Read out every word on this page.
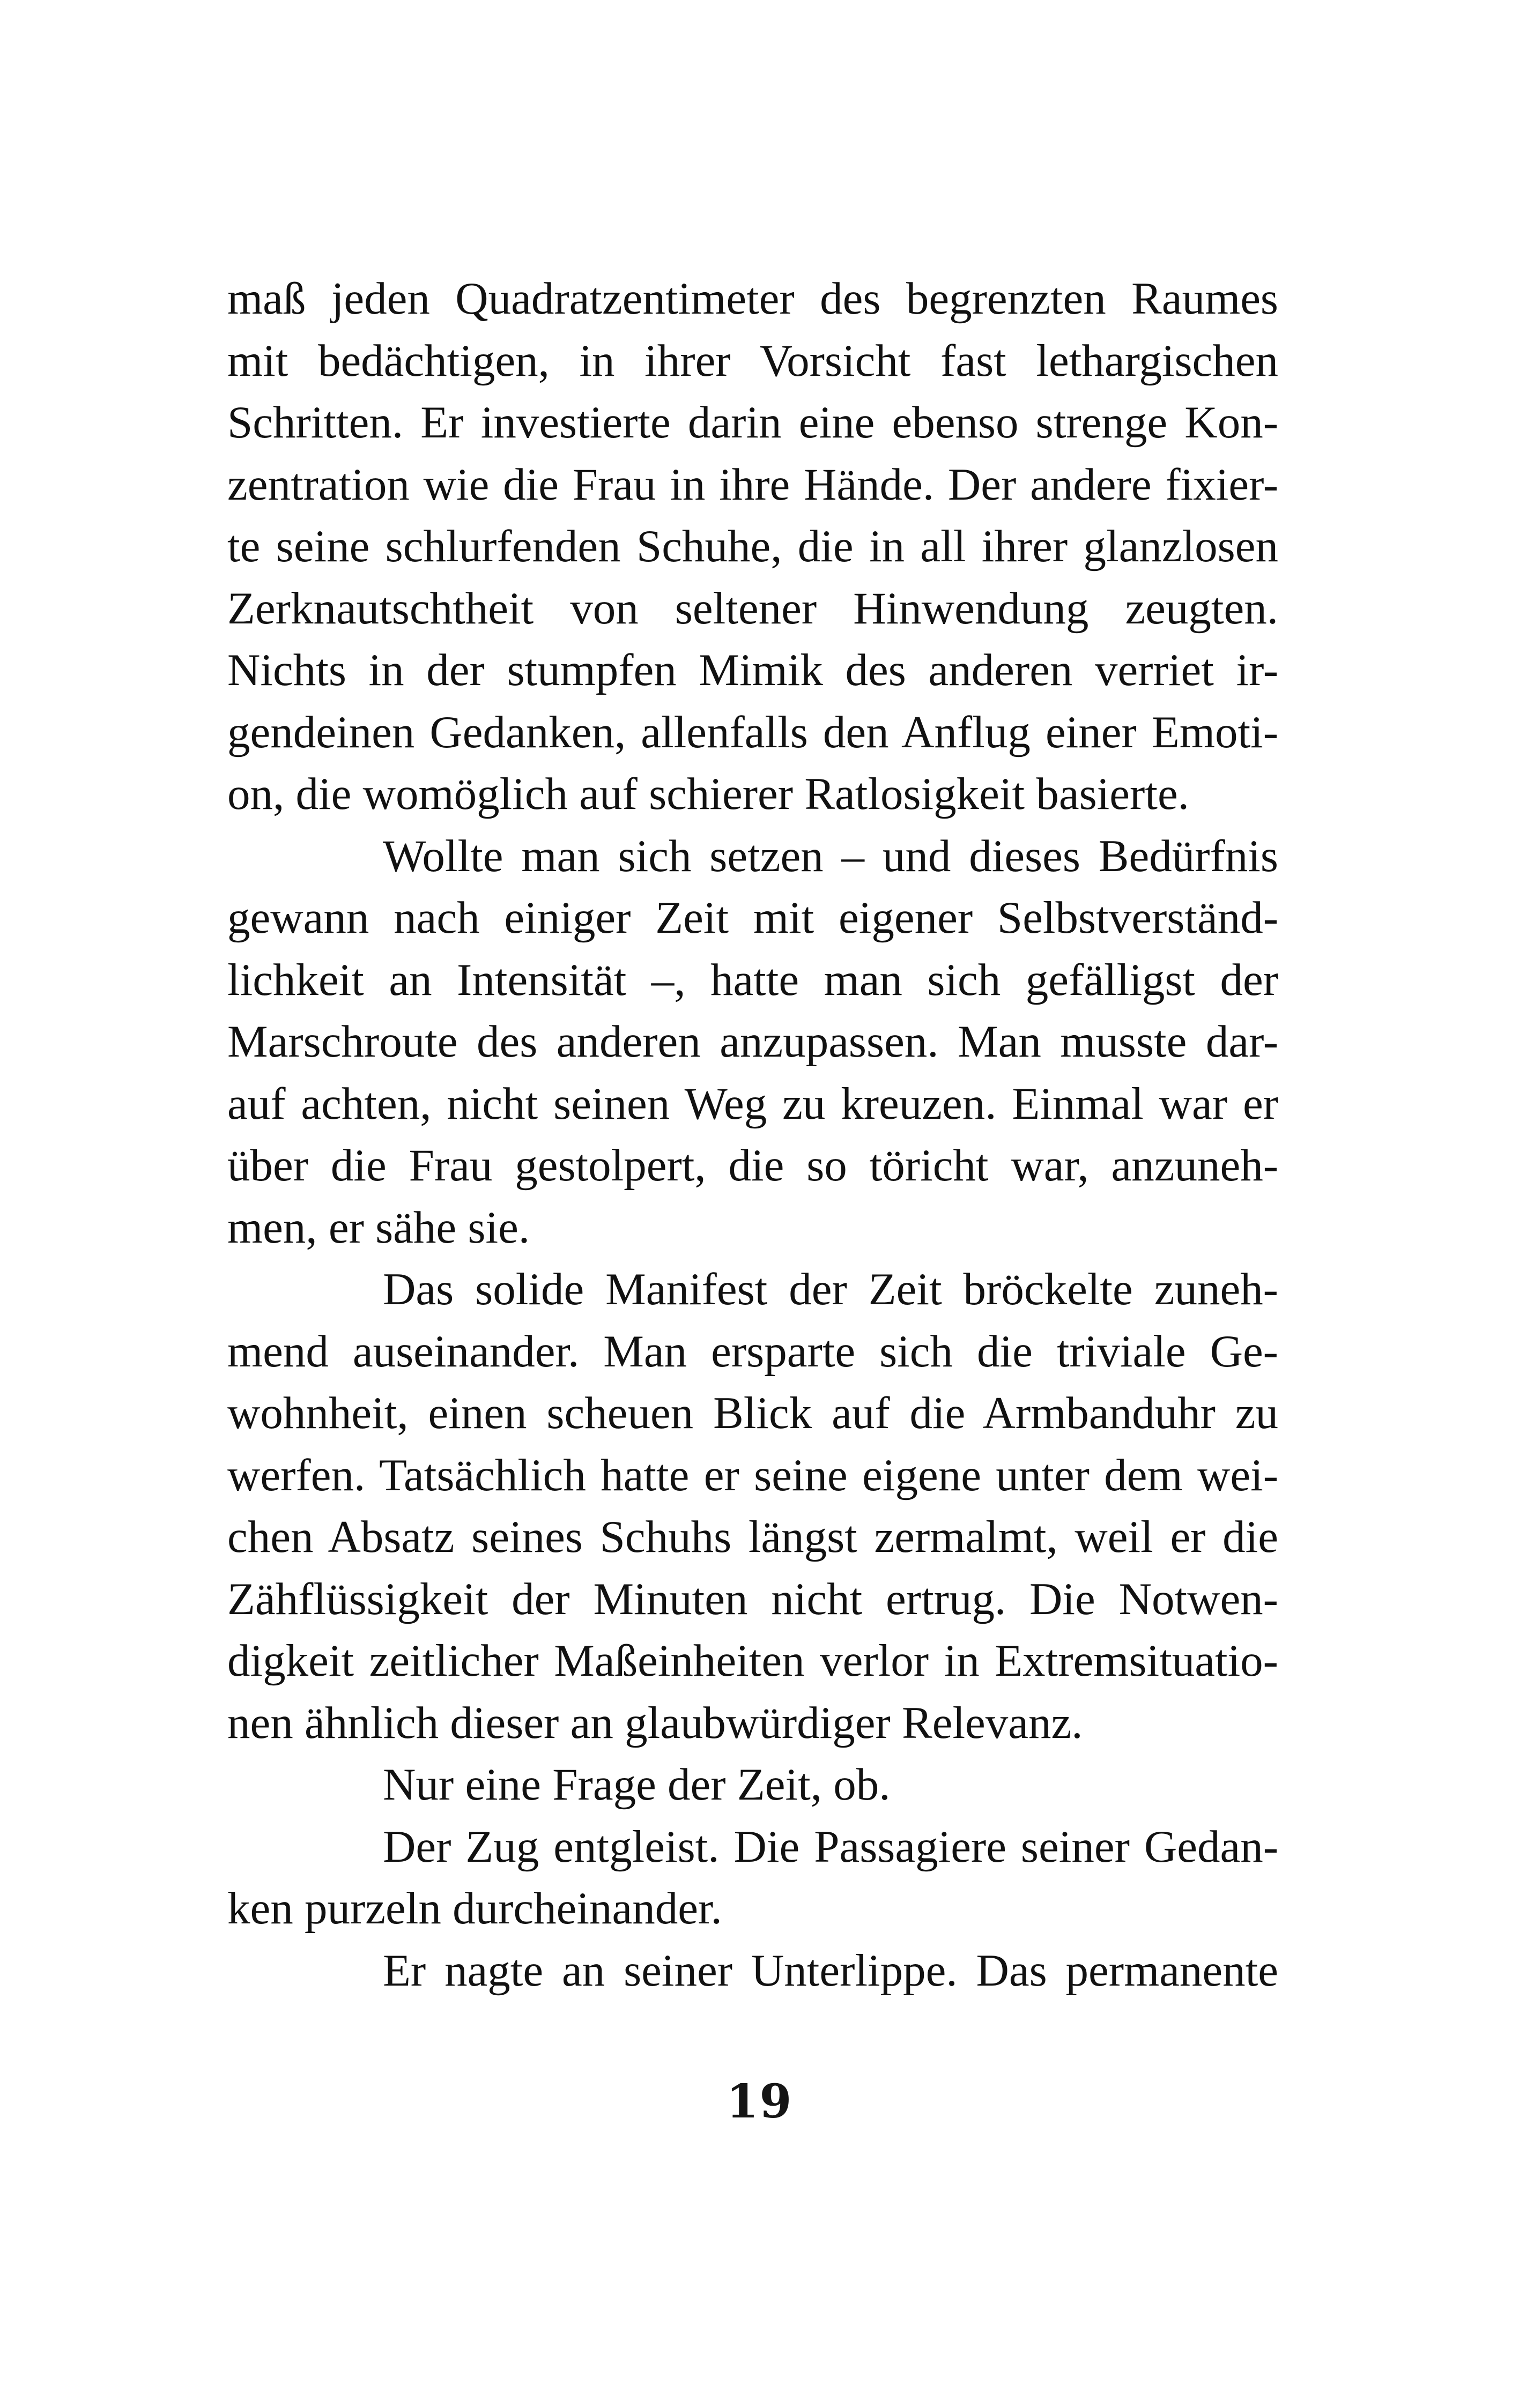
maß jeden Quadratzentimeter des begrenzten Raumes
mit bedächtigen, in ihrer Vorsicht fast lethargischen
Schritten. Er investierte darin eine ebenso strenge Kon-
zentration wie die Frau in ihre Hände. Der andere fixier-
te seine schlurfenden Schuhe, die in all ihrer glanzlosen
Zerknautschtheit von seltener Hinwendung zeugten.
Nichts in der stumpfen Mimik des anderen verriet ir-
gendeinen Gedanken, allenfalls den Anflug einer Emoti-
on, die womöglich auf schierer Ratlosigkeit basierte.
Wollte man sich setzen – und dieses Bedürfnis
gewann nach einiger Zeit mit eigener Selbstverständ-
lichkeit an Intensität –, hatte man sich gefälligst der
Marschroute des anderen anzupassen. Man musste dar-
auf achten, nicht seinen Weg zu kreuzen. Einmal war er
über die Frau gestolpert, die so töricht war, anzuneh-
men, er sähe sie.
Das solide Manifest der Zeit bröckelte zuneh-
mend auseinander. Man ersparte sich die triviale Ge-
wohnheit, einen scheuen Blick auf die Armbanduhr zu
werfen. Tatsächlich hatte er seine eigene unter dem wei-
chen Absatz seines Schuhs längst zermalmt, weil er die
Zähflüssigkeit der Minuten nicht ertrug. Die Notwen-
digkeit zeitlicher Maßeinheiten verlor in Extremsituatio-
nen ähnlich dieser an glaubwürdiger Relevanz.
Nur eine Frage der Zeit, ob.
Der Zug entgleist. Die Passagiere seiner Gedan-
ken purzeln durcheinander.
Er nagte an seiner Unterlippe. Das permanente
19
